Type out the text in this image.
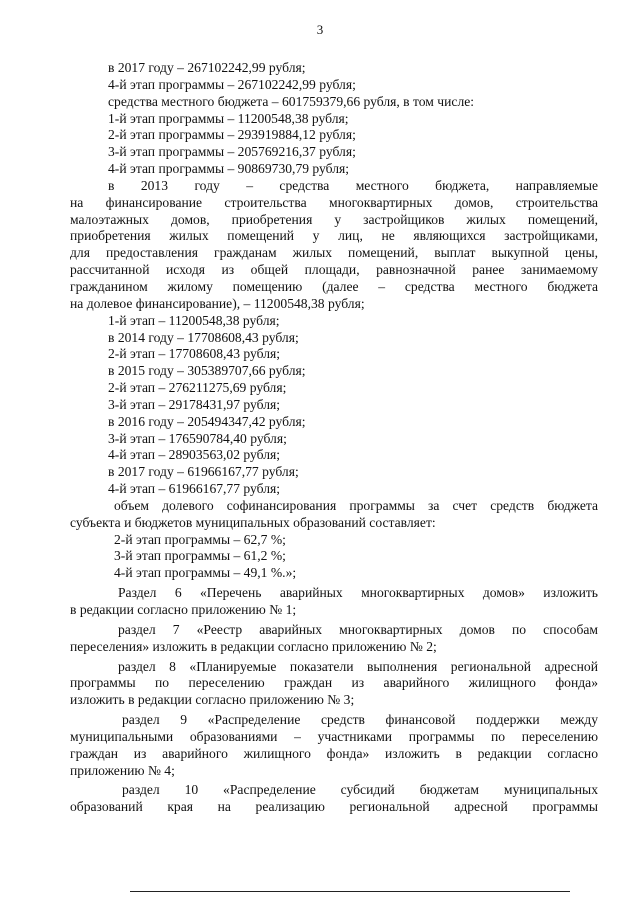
3
в 2017 году – 267102242,99 рубля;
4-й этап программы – 267102242,99 рубля;
средства местного бюджета – 601759379,66 рубля, в том числе:
1-й этап программы – 11200548,38 рубля;
2-й этап программы – 293919884,12 рубля;
3-й этап программы – 205769216,37 рубля;
4-й этап программы – 90869730,79 рубля;
в 2013 году – средства местного бюджета, направляемые
на финансирование строительства многоквартирных домов, строительства
малоэтажных домов, приобретения у застройщиков жилых помещений,
приобретения жилых помещений у лиц, не являющихся застройщиками,
для предоставления гражданам жилых помещений, выплат выкупной цены,
рассчитанной исходя из общей площади, равнозначной ранее занимаемому
гражданином жилому помещению (далее – средства местного бюджета
на долевое финансирование), – 11200548,38 рубля;
1-й этап – 11200548,38 рубля;
в 2014 году – 17708608,43 рубля;
2-й этап – 17708608,43 рубля;
в 2015 году – 305389707,66 рубля;
2-й этап – 276211275,69 рубля;
3-й этап – 29178431,97 рубля;
в 2016 году – 205494347,42 рубля;
3-й этап – 176590784,40 рубля;
4-й этап – 28903563,02 рубля;
в 2017 году – 61966167,77 рубля;
4-й этап – 61966167,77 рубля;
объем долевого софинансирования программы за счет средств бюджета
субъекта и бюджетов муниципальных образований составляет:
2-й этап программы – 62,7 %;
3-й этап программы – 61,2 %;
4-й этап программы – 49,1 %.»;
Раздел 6 «Перечень аварийных многоквартирных домов» изложить
в редакции согласно приложению № 1;
раздел 7 «Реестр аварийных многоквартирных домов по способам
переселения» изложить в редакции согласно приложению № 2;
раздел 8 «Планируемые показатели выполнения региональной адресной
программы по переселению граждан из аварийного жилищного фонда»
изложить в редакции согласно приложению № 3;
раздел 9 «Распределение средств финансовой поддержки между
муниципальными образованиями – участниками программы по переселению
граждан из аварийного жилищного фонда» изложить в редакции согласно
приложению № 4;
раздел 10 «Распределение субсидий бюджетам муниципальных
образований края на реализацию региональной адресной программы
